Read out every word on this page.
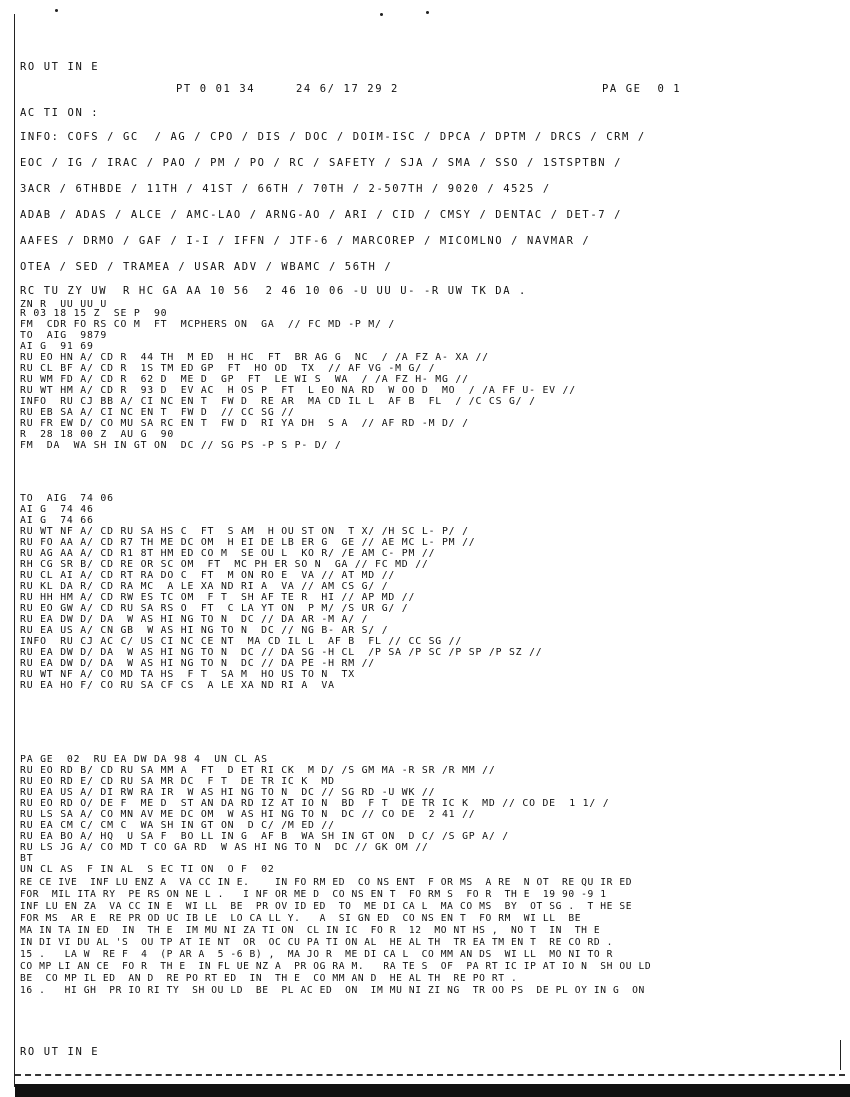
RO UT IN E
PT 0 01 34	24 6/ 17 29 2	PA GE  0 1
AC TI ON :
INFO: COFS / GC  / AG / CPO / DIS / DOC / DOIM-ISC / DPCA / DPTM / DRCS / CRM /
EOC / IG / IRAC / PAO / PM / PO / RC / SAFETY / SJA / SMA / SSO / 1STSPTBN /
3ACR / 6THBDE / 11TH / 41ST / 66TH / 70TH / 2-507TH / 9020 / 4525 /
ADAB / ADAS / ALCE / AMC-LAO / ARNG-AO / ARI / CID / CMSY / DENTAC / DET-7 /
AAFES / DRMO / GAF / I-I / IFFN / JTF-6 / MARCOREP / MICOMLNO / NAVMAR /
OTEA / SED / TRAMEA / USAR ADV / WBAMC / 56TH /
RC TU ZY UW  R HC GA AA 10 56  2 46 10 06 -U UU U- -R UW TK DA .
ZN R  UU UU U
R 03 18 15 Z  SE P  90
FM  CDR FO RS CO M  FT  MCPHERS ON  GA  // FC MD -P M/ /
TO  AIG  9879
AI G  91 69
RU EO HN A/ CD R  44 TH  M ED  H HC  FT  BR AG G  NC  / /A FZ A- XA //
RU CL BF A/ CD R  1S TM ED GP  FT  HO OD  TX  // AF VG -M G/ /
RU WM FD A/ CD R  62 D  ME D  GP  FT  LE WI S  WA  / /A FZ H- MG //
RU WT HM A/ CD R  93 D  EV AC  H OS P  FT  L EO NA RD  W OO D  MO  / /A FF U- EV //
INFO  RU CJ BB A/ CI NC EN T  FW D  RE AR  MA CD IL L  AF B  FL  / /C CS G/ /
RU EB SA A/ CI NC EN T  FW D  // CC SG //
RU FR EW D/ CO MU SA RC EN T  FW D  RI YA DH  S A  // AF RD -M D/ /
R  28 18 00 Z  AU G  90
FM  DA  WA SH IN GT ON  DC // SG PS -P S P- D/ /
TO  AIG  74 06
AI G  74 46
AI G  74 66
RU WT NF A/ CD RU SA HS C  FT  S AM  H OU ST ON  T X/ /H SC L- P/ /
RU FO AA A/ CD R7 TH ME DC OM  H EI DE LB ER G  GE // AE MC L- PM //
RU AG AA A/ CD R1 8T HM ED CO M  SE OU L  KO R/ /E AM C- PM //
RH CG SR B/ CD RE OR SC OM  FT  MC PH ER SO N  GA // FC MD //
RU CL AI A/ CD RT RA DO C  FT  M ON RO E  VA // AT MD //
RU KL DA R/ CD RA MC  A LE XA ND RI A  VA // AM CS G/ /
RU HH HM A/ CD RW ES TC OM  F T  SH AF TE R  HI // AP MD //
RU EO GW A/ CD RU SA RS O  FT  C LA YT ON  P M/ /S UR G/ /
RU EA DW D/ DA  W AS HI NG TO N  DC // DA AR -M A/ /
RU EA US A/ CN GB  W AS HI NG TO N  DC // NG B- AR S/ /
INFO  RU CJ AC C/ US CI NC CE NT  MA CD IL L  AF B  FL // CC SG //
RU EA DW D/ DA  W AS HI NG TO N  DC // DA SG -H CL  /P SA /P SC /P SP /P SZ //
RU EA DW D/ DA  W AS HI NG TO N  DC // DA PE -H RM //
RU WT NF A/ CO MD TA HS  F T  SA M  HO US TO N  TX
RU EA HO F/ CO RU SA CF CS  A LE XA ND RI A  VA
PA GE  02  RU EA DW DA 98 4  UN CL AS
RU EO RD B/ CD RU SA MM A  FT  D ET RI CK  M D/ /S GM MA -R SR /R MM //
RU EO RD E/ CD RU SA MR DC  F T  DE TR IC K  MD
RU EA US A/ DI RW RA IR  W AS HI NG TO N  DC // SG RD -U WK //
RU EO RD O/ DE F  ME D  ST AN DA RD IZ AT IO N  BD  F T  DE TR IC K  MD // CO DE  1 1/ /
RU LS SA A/ CO MN AV ME DC OM  W AS HI NG TO N  DC // CO DE  2 41 //
RU EA CM C/ CM C  WA SH IN GT ON  D C/ /M ED //
RU EA BO A/ HQ  U SA F  BO LL IN G  AF B  WA SH IN GT ON  D C/ /S GP A/ /
RU LS JG A/ CO MD T CO GA RD  W AS HI NG TO N  DC // GK OM //
BT
UN CL AS  F IN AL  S EC TI ON  O F  02
RE CE IVE  INF LU ENZ A  VA CC IN E.    IN FO RM ED  CO NS ENT  F OR MS  A RE  N OT  RE QU IR ED
FOR  MIL ITA RY  PE RS ON NE L .   I NF OR ME D  CO NS EN T  FO RM S  FO R  TH E  19 90 -9 1
INF LU EN ZA  VA CC IN E  WI LL  BE  PR OV ID ED  TO  ME DI CA L  MA CO MS  BY  OT SG .  T HE SE
FOR MS  AR E  RE PR OD UC IB LE  LO CA LL Y.   A  SI GN ED  CO NS EN T  FO RM  WI LL  BE
MA IN TA IN ED  IN  TH E  IM MU NI ZA TI ON  CL IN IC  FO R  12  MO NT HS ,  NO T  IN  TH E
IN DI VI DU AL 'S  OU TP AT IE NT  OR  OC CU PA TI ON AL  HE AL TH  TR EA TM EN T  RE CO RD .
15 .   LA W  RE F  4  (P AR A  5 -6 B) ,  MA JO R  ME DI CA L  CO MM AN DS  WI LL  MO NI TO R
CO MP LI AN CE  FO R  TH E  IN FL UE NZ A  PR OG RA M.   RA TE S  OF  PA RT IC IP AT IO N  SH OU LD
BE  CO MP IL ED  AN D  RE PO RT ED  IN  TH E  CO MM AN D  HE AL TH  RE PO RT .
16 .   HI GH  PR IO RI TY  SH OU LD  BE  PL AC ED  ON  IM MU NI ZI NG  TR OO PS  DE PL OY IN G  ON
RO UT IN E
